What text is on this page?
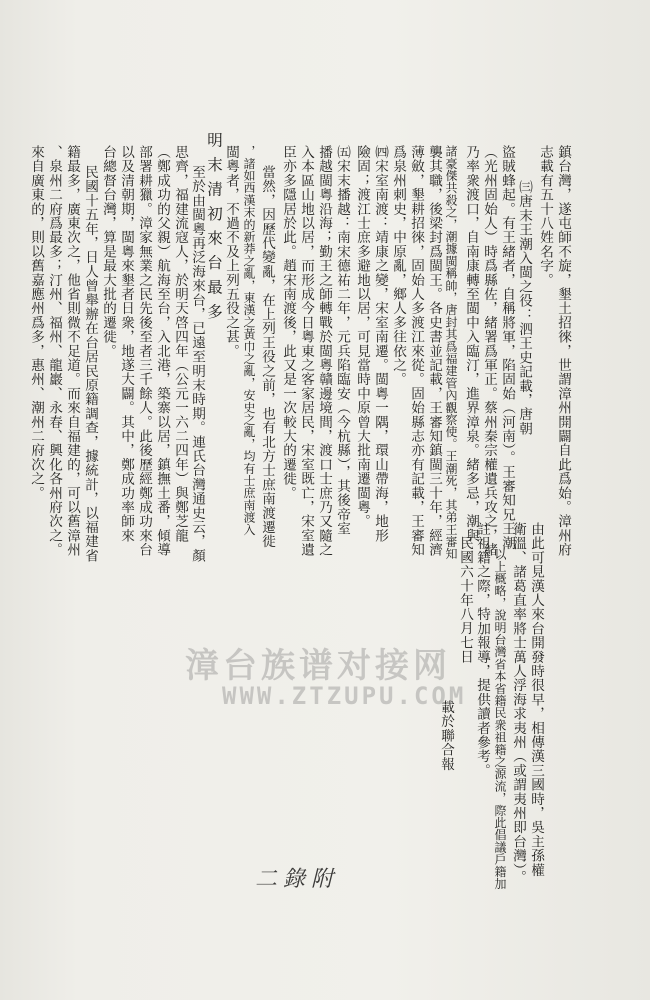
鎮台灣，遂屯師不旋，墾土招徠，世謂漳州開闢自此爲始。漳州府
志載有五十八姓名字。
㈢唐末王潮入閩之役：泗王史記載，唐朝
盜賊蜂起。有王緒者，自稱將軍，陷固始（河南）。王審知兄王潮
（光州固始人）時爲縣佐，緒署爲軍正。蔡州秦宗權遺兵攻之，緒
乃率衆渡口，自南康轉至閩中入臨汀，進界漳泉。緒多忌，潮與
諸豪傑共殺之，潮據閩稱帥，唐封其爲福建管內觀察使。王潮死，其弟王審知
襲其職，後梁封爲閩王。各史書並記載，王審知鎮閩三十年，經濟
薄斂，墾耕招徠，固始人多渡江來從。固始縣志亦有記載，王審知
爲泉州刺史，中原亂，鄉人多往依之。
㈣宋室南渡：靖康之變，宋室南遷。閩粵一隅，環山帶海，地形
險固；渡江士庶多避地以居，可見當時中原曾大批南遷閩粵。
㈤宋末播越：南宋德祐二年，元兵陷臨安（今杭縣），其後帝室
播越閩粵沿海；勤王之師轉戰於閩粵贛邊境間，渡口士庶乃又隨之
入本區山地以居，而形成今日粵東之客家居民，宋室既亡，宋室遺
臣亦多隱居於此。趙宋南渡後，此又是一次較大的遷徙。
當然，因歷代變亂，在上列王役之前，也有北方士庶南渡遷徙
，諸如西漢末的新莽之亂，東漢之黃巾之亂，安史之亂，均有士庶南渡入
閩粵者，不過不及上列五役之甚。
至於由閩粵再泛海來台，已遠至明末時期。連氏台灣通史云，顏
思齊，福建流寇人，於明天啓四年（公元一六二四年）與鄭芝龍
（鄭成功的父親）航海至台，入北港，築寨以居，鎮撫土番，傾導
部署耕獵。漳家無業之民先後至者三千餘人。此後歷經鄭成功來台
以及清朝期，閩粵來墾者日衆，地遂大闢。其中，鄭成功率師來
台總督台灣，算是最大批的遷徙。
民國十五年，日人曾舉辦在台居民原籍調查，據統計，以福建省
籍最多，廣東次之，他省則微不足道。而來自福建的，可以舊漳州
、泉州二府爲最多；汀州、福州、龍巖、永春、興化各州府次之。
來自廣東的，則以舊嘉應州爲多，惠州、潮州二府次之。	明末清初來台最多
由此可見漢人來台開發時很早，相傳漢三國時，吳主孫權
衛溫、諸葛直率將士萬人浮海求夷州（或謂夷州即台灣）。
以上概略，說明台灣省本省籍民衆祖籍之源流，際此倡議戶籍加
註祖籍之際，特加報導，提供讀者參考。
民國六十年八月七日
載於聯合報
漳台族谱对接网
WWW.ZTZUPU.COM
二錄附
